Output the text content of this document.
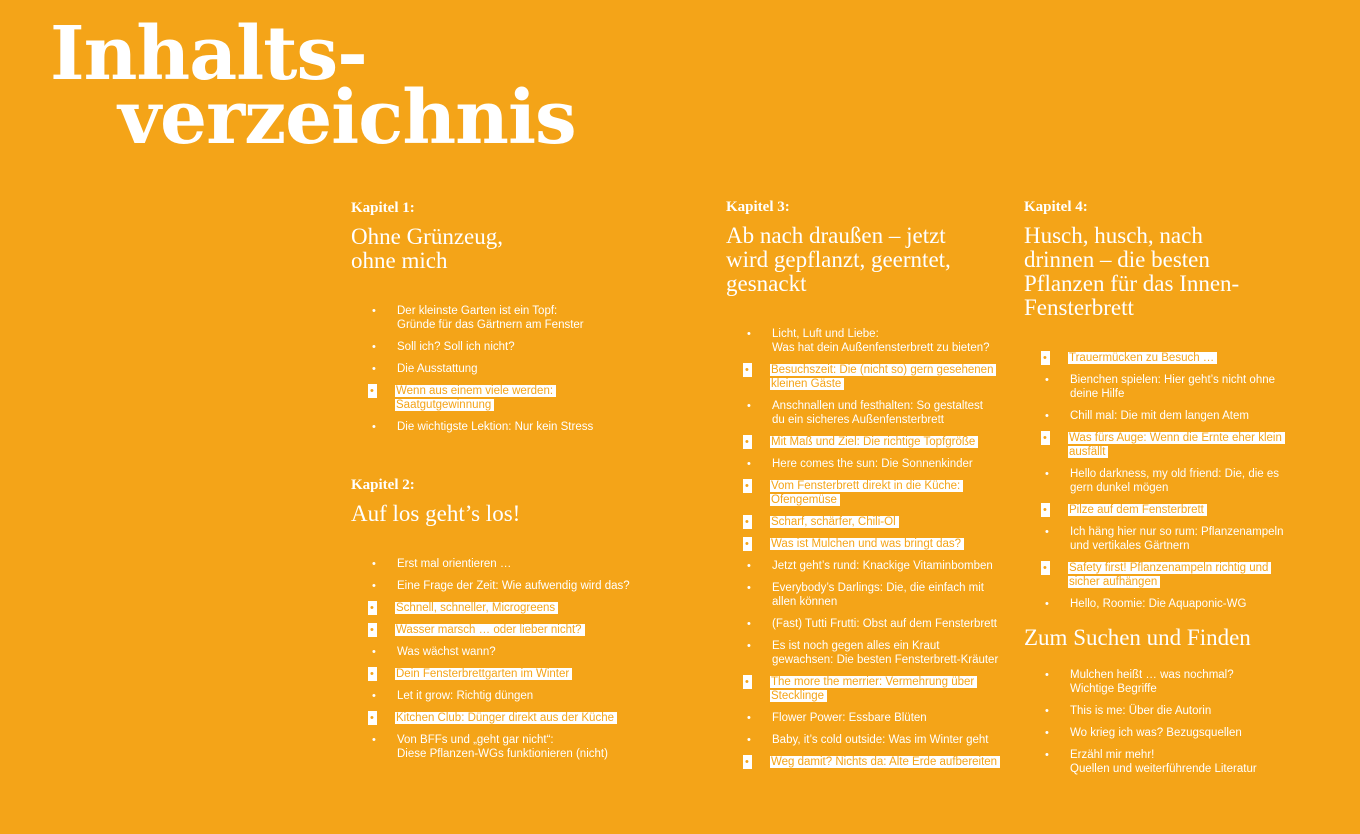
Inhalts-
verzeichnis
Kapitel 1:
Ohne Grünzeug,
ohne mich
• Der kleinste Garten ist ein Topf:
Gründe für das Gärtnern am Fenster
• Soll ich? Soll ich nicht?
• Die Ausstattung
• Wenn aus einem viele werden:
Saatgutgewinnung
• Die wichtigste Lektion: Nur kein Stress
Kapitel 2:
Auf los geht’s los!
• Erst mal orientieren …
• Eine Frage der Zeit: Wie aufwendig wird das?
• Schnell, schneller, Microgreens
• Wasser marsch … oder lieber nicht?
• Was wächst wann?
• Dein Fensterbrettgarten im Winter
• Let it grow: Richtig düngen
• Kitchen Club: Dünger direkt aus der Küche
• Von BFFs und „geht gar nicht“:
Diese Pflanzen-WGs funktionieren (nicht)
Kapitel 3:
Ab nach draußen – jetzt
wird gepflanzt, geerntet,
gesnackt
• Licht, Luft und Liebe:
Was hat dein Außenfensterbrett zu bieten?
• Besuchszeit: Die (nicht so) gern gesehenen
kleinen Gäste
• Anschnallen und festhalten: So gestaltest
du ein sicheres Außenfensterbrett
• Mit Maß und Ziel: Die richtige Topfgröße
• Here comes the sun: Die Sonnenkinder
• Vom Fensterbrett direkt in die Küche:
Ofengemüse
• Scharf, schärfer, Chili-Öl
• Was ist Mulchen und was bringt das?
• Jetzt geht’s rund: Knackige Vitaminbomben
• Everybody’s Darlings: Die, die einfach mit
allen können
• (Fast) Tutti Frutti: Obst auf dem Fensterbrett
• Es ist noch gegen alles ein Kraut
gewachsen: Die besten Fensterbrett-Kräuter
• The more the merrier: Vermehrung über
Stecklinge
• Flower Power: Essbare Blüten
• Baby, it’s cold outside: Was im Winter geht
• Weg damit? Nichts da: Alte Erde aufbereiten
Kapitel 4:
Husch, husch, nach
drinnen – die besten
Pflanzen für das Innen-
Fensterbrett
• Trauermücken zu Besuch …
• Bienchen spielen: Hier geht’s nicht ohne
deine Hilfe
• Chill mal: Die mit dem langen Atem
• Was fürs Auge: Wenn die Ernte eher klein
ausfällt
• Hello darkness, my old friend: Die, die es
gern dunkel mögen
• Pilze auf dem Fensterbrett
• Ich häng hier nur so rum: Pflanzenampeln
und vertikales Gärtnern
• Safety first! Pflanzenampeln richtig und
sicher aufhängen
• Hello, Roomie: Die Aquaponic-WG
Zum Suchen und Finden
• Mulchen heißt … was nochmal?
Wichtige Begriffe
• This is me: Über die Autorin
• Wo krieg ich was? Bezugsquellen
• Erzähl mir mehr!
Quellen und weiterführende Literatur
